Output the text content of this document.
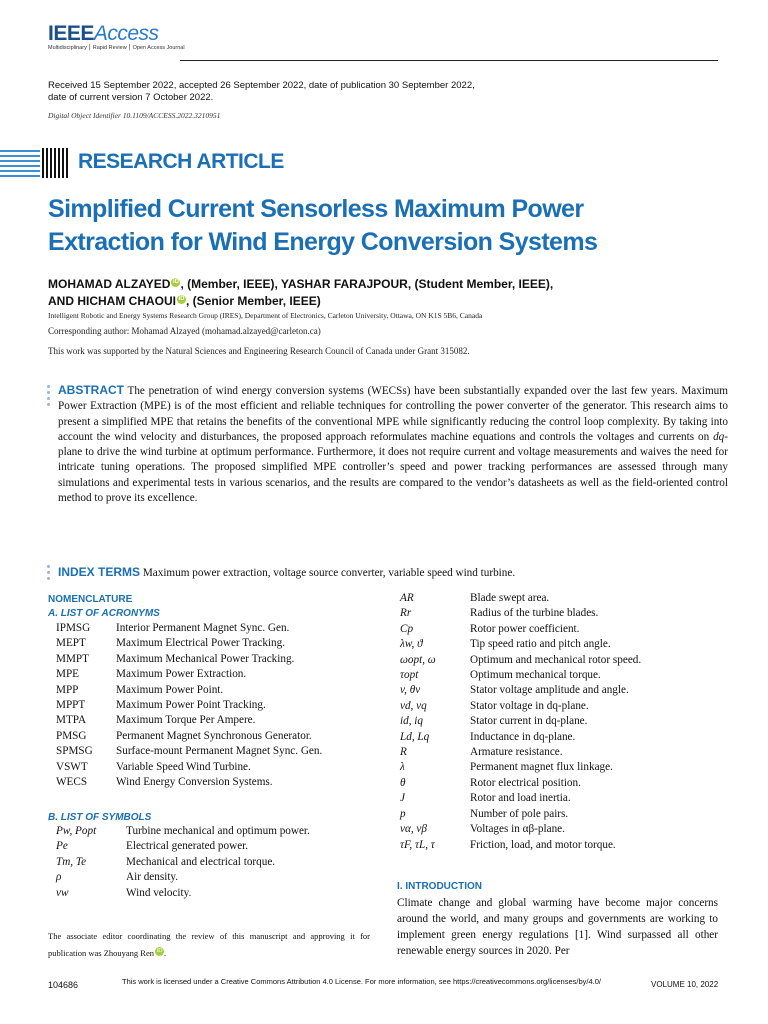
IEEEAccess
Multidisciplinary ⎮ Rapid Review ⎮ Open Access Journal
Received 15 September 2022, accepted 26 September 2022, date of publication 30 September 2022,
date of current version 7 October 2022.
Digital Object Identifier 10.1109/ACCESS.2022.3210951
RESEARCH ARTICLE
Simplified Current Sensorless Maximum Power
Extraction for Wind Energy Conversion Systems
MOHAMAD ALZAYED iD , (Member, IEEE), YASHAR FARAJPOUR, (Student Member, IEEE),
AND HICHAM CHAOUI iD , (Senior Member, IEEE)
Intelligent Robotic and Energy Systems Research Group (IRES), Department of Electronics, Carleton University, Ottawa, ON K1S 5B6, Canada
Corresponding author: Mohamad Alzayed (mohamad.alzayed@carleton.ca)
This work was supported by the Natural Sciences and Engineering Research Council of Canada under Grant 315082.
ABSTRACT The penetration of wind energy conversion systems (WECSs) have been substantially expanded over the last few years. Maximum Power Extraction (MPE) is of the most efficient and reliable techniques for controlling the power converter of the generator. This research aims to present a simplified MPE that retains the benefits of the conventional MPE while significantly reducing the control loop complexity. By taking into account the wind velocity and disturbances, the proposed approach reformulates machine equations and controls the voltages and currents on dq-plane to drive the wind turbine at optimum performance. Furthermore, it does not require current and voltage measurements and waives the need for intricate tuning operations. The proposed simplified MPE controller’s speed and power tracking performances are assessed through many simulations and experimental tests in various scenarios, and the results are compared to the vendor’s datasheets as well as the field-oriented control method to prove its excellence.
INDEX TERMS Maximum power extraction, voltage source converter, variable speed wind turbine.
NOMENCLATURE
A. LIST OF ACRONYMS
IPMSG	Interior Permanent Magnet Sync. Gen.
MEPT	Maximum Electrical Power Tracking.
MMPT	Maximum Mechanical Power Tracking.
MPE	Maximum Power Extraction.
MPP	Maximum Power Point.
MPPT	Maximum Power Point Tracking.
MTPA	Maximum Torque Per Ampere.
PMSG	Permanent Magnet Synchronous Generator.
SPMSG	Surface-mount Permanent Magnet Sync. Gen.
VSWT	Variable Speed Wind Turbine.
WECS	Wind Energy Conversion Systems.
B. LIST OF SYMBOLS
Pw, Popt	Turbine mechanical and optimum power.
Pe	Electrical generated power.
Tm, Te	Mechanical and electrical torque.
ρ	Air density.
vw	Wind velocity.
AR	Blade swept area.
Rr	Radius of the turbine blades.
Cp	Rotor power coefficient.
λw, ϑ	Tip speed ratio and pitch angle.
ωopt, ω	Optimum and mechanical rotor speed.
τopt	Optimum mechanical torque.
v, θv	Stator voltage amplitude and angle.
vd, vq	Stator voltage in dq-plane.
id, iq	Stator current in dq-plane.
Ld, Lq	Inductance in dq-plane.
R	Armature resistance.
λ	Permanent magnet flux linkage.
θ	Rotor electrical position.
J	Rotor and load inertia.
p	Number of pole pairs.
vα, vβ	Voltages in αβ-plane.
τF, τL, τ	Friction, load, and motor torque.
The associate editor coordinating the review of this manuscript and approving it for publication was Zhouyang Ren iD .
I. INTRODUCTION
Climate change and global warming have become major concerns around the world, and many groups and governments are working to implement green energy regulations [1]. Wind surpassed all other renewable energy sources in 2020. Per
104686	This work is licensed under a Creative Commons Attribution 4.0 License. For more information, see https://creativecommons.org/licenses/by/4.0/	VOLUME 10, 2022
